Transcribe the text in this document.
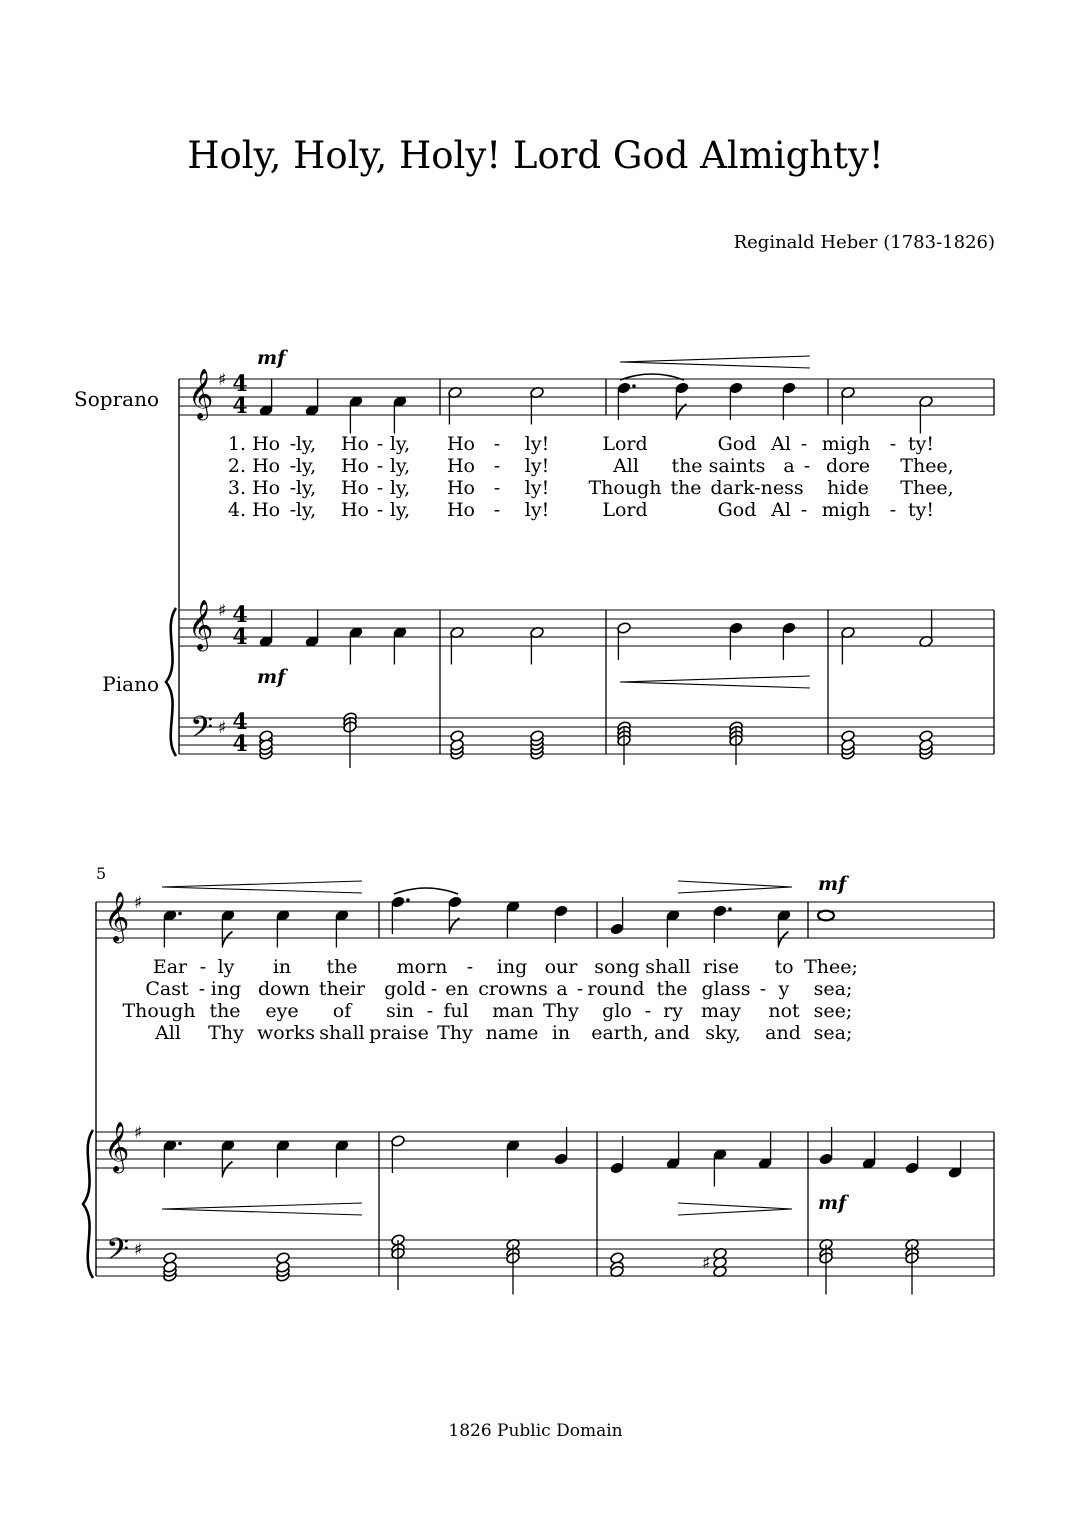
Holy, Holy, Holy! Lord God Almighty!
Reginald Heber (1783-1826)
1826 Public Domain
Soprano
Piano
5
4
4
4
4
4
4
mf
mf
mf
mf
1. Ho - ly, Ho - ly, Ho - ly!	Lord	God Al - migh - ty!
2. Ho - ly, Ho - ly, Ho - ly!	All the saints a - dore Thee,
3. Ho - ly, Ho - ly, Ho - ly! Though the dark-ness hide Thee,
4. Ho - ly, Ho - ly, Ho - ly!	Lord	God Al - migh - ty!
Ear - ly in the morn - ing our song shall rise to Thee;
Cast - ing down their gold - en crowns a - round the glass - y sea;
Though the eye of sin - ful man Thy glo - ry may not see;
All Thy works shall praise Thy name in earth, and sky, and sea;
𝄞 ♯
𝄞 ♯
𝄢 ♯
𝄞 ♯
𝄞 ♯
𝄢 ♯
♯
